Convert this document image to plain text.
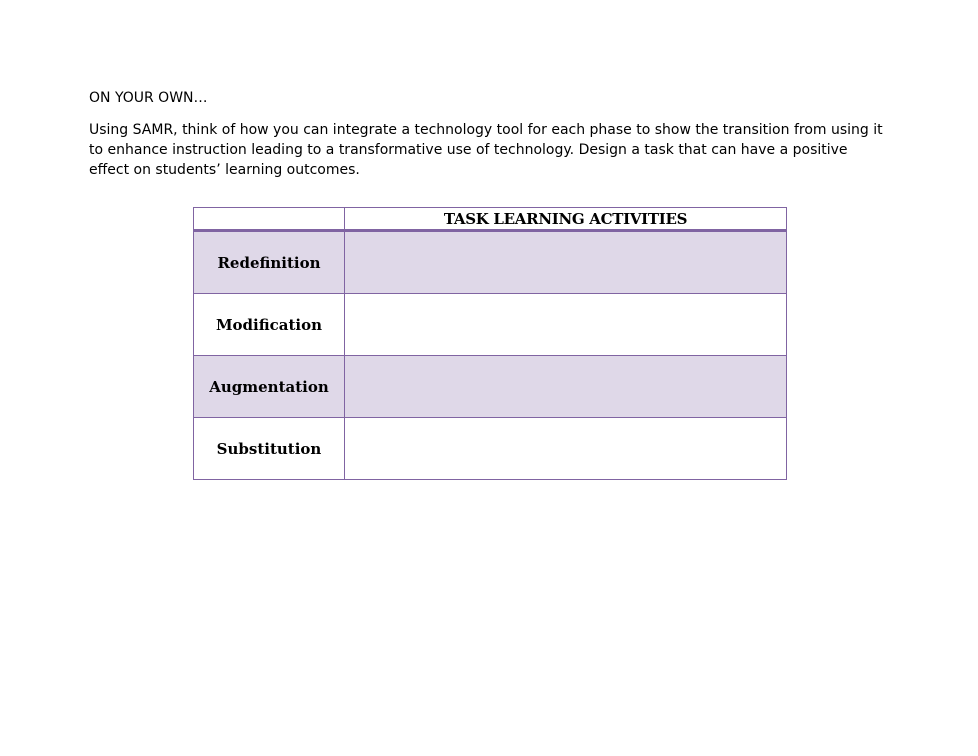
ON YOUR OWN…

Using SAMR, think of how you can integrate a technology tool for each phase to show the transition from using it to enhance instruction leading to a transformative use of technology. Design a task that can have a positive effect on students’ learning outcomes.

	TASK LEARNING ACTIVITIES
Redefinition	
Modification	
Augmentation	
Substitution	
